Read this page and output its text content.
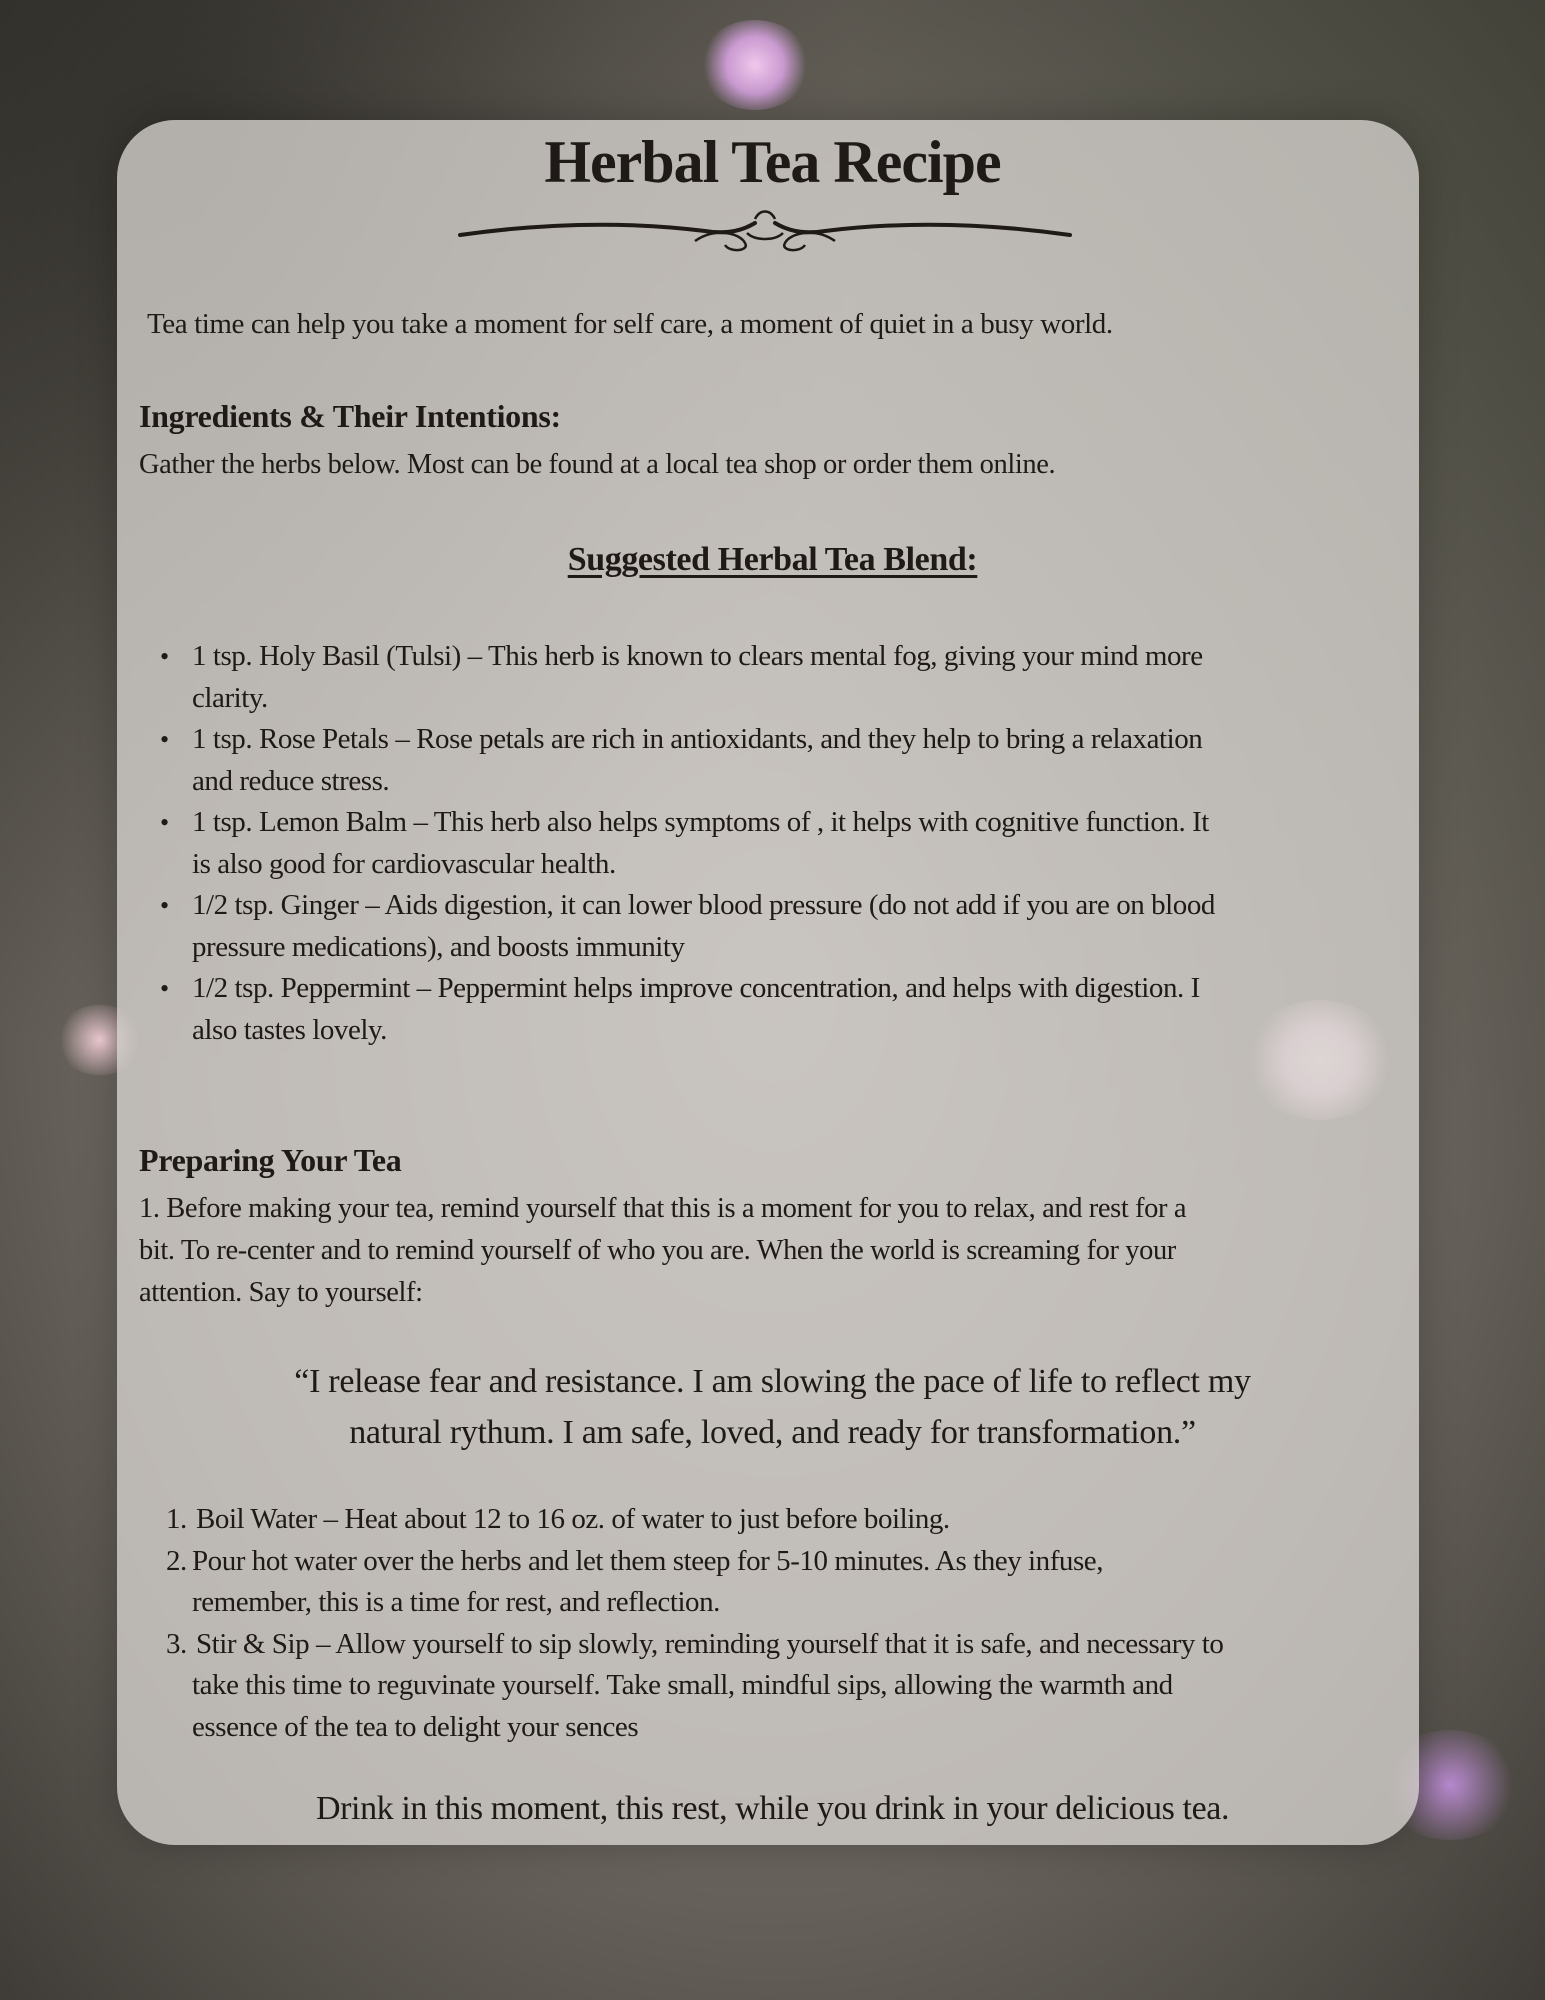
Herbal Tea Recipe

Tea time can help you take a moment for self care, a moment of quiet in a busy world.

Ingredients & Their Intentions:

Gather the herbs below. Most can be found at a local tea shop or order them online.

Suggested Herbal Tea Blend:
• 1 tsp. Holy Basil (Tulsi) – This herb is known to clears mental fog, giving your mind more
clarity.
• 1 tsp. Rose Petals – Rose petals are rich in antioxidants, and they help to bring a relaxation
and reduce stress.
• 1 tsp. Lemon Balm – This herb also helps symptoms of , it helps with cognitive function. It
is also good for cardiovascular health.
• 1/2 tsp. Ginger – Aids digestion, it can lower blood pressure (do not add if you are on blood
pressure medications), and boosts immunity
• 1/2 tsp. Peppermint – Peppermint helps improve concentration, and helps with digestion. I
also tastes lovely.
Preparing Your Tea
1. Before making your tea, remind yourself that this is a moment for you to relax, and rest for a
bit. To re-center and to remind yourself of who you are. When the world is screaming for your
attention. Say to yourself:
“I release fear and resistance. I am slowing the pace of life to reflect my
natural rythum. I am safe, loved, and ready for transformation.”
1. Boil Water – Heat about 12 to 16 oz. of water to just before boiling.
2. Pour hot water over the herbs and let them steep for 5-10 minutes. As they infuse,
remember, this is a time for rest, and reflection.
3. Stir & Sip – Allow yourself to sip slowly, reminding yourself that it is safe, and necessary to
take this time to reguvinate yourself. Take small, mindful sips, allowing the warmth and
essence of the tea to delight your sences

Drink in this moment, this rest, while you drink in your delicious tea.
